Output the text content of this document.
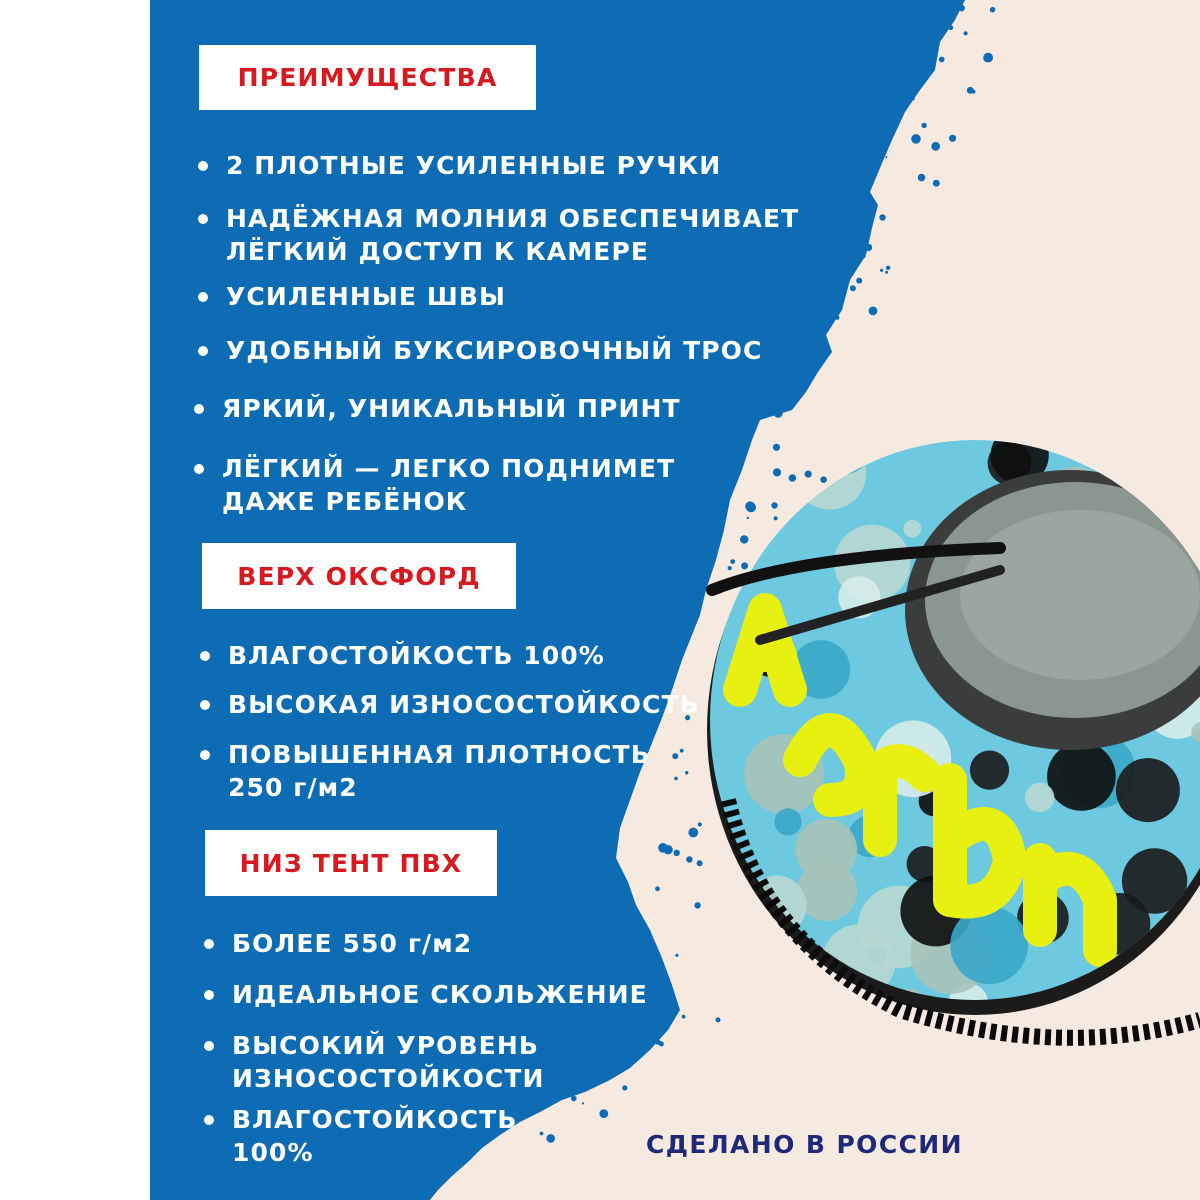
ПРЕИМУЩЕСТВА
ВЕРХ ОКСФОРД
НИЗ ТЕНТ ПВХ
2 ПЛОТНЫЕ УСИЛЕННЫЕ РУЧКИ
НАДЁЖНАЯ МОЛНИЯ ОБЕСПЕЧИВАЕТ
ЛЁГКИЙ ДОСТУП К КАМЕРЕ
УСИЛЕННЫЕ ШВЫ
УДОБНЫЙ БУКСИРОВОЧНЫЙ ТРОС
ЯРКИЙ, УНИКАЛЬНЫЙ ПРИНТ
ЛЁГКИЙ — ЛЕГКО ПОДНИМЕТ
ДАЖЕ РЕБЁНОК
ВЛАГОСТОЙКОСТЬ 100%
ВЫСОКАЯ ИЗНОСОСТОЙКОСТЬ
ПОВЫШЕННАЯ ПЛОТНОСТЬ
250 г/м2
БОЛЕЕ 550 г/м2
ИДЕАЛЬНОЕ СКОЛЬЖЕНИЕ
ВЫСОКИЙ УРОВЕНЬ
ИЗНОСОСТОЙКОСТИ
ВЛАГОСТОЙКОСТЬ
100%	СДЕЛАНО В РОССИИ
